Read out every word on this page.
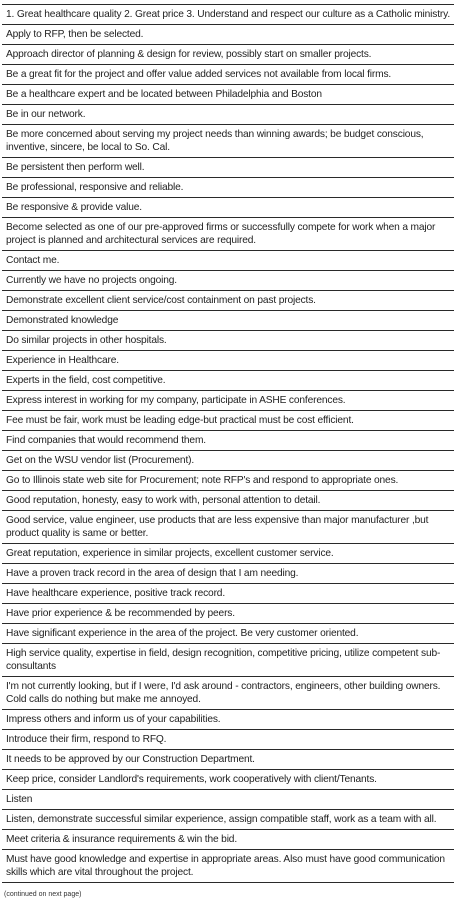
1. Great healthcare quality 2. Great price 3. Understand and respect our culture as a Catholic ministry.
Apply to RFP, then be selected.
Approach director of planning & design for review, possibly start on smaller projects.
Be a great fit for the project and offer value added services not available from local firms.
Be a healthcare expert and be located between Philadelphia and Boston
Be in our network.
Be more concerned about serving my project needs than winning awards; be budget conscious, inventive, sincere, be local to So. Cal.
Be persistent then perform well.
Be professional, responsive and reliable.
Be responsive & provide value.
Become selected as one of our pre-approved firms or successfully compete for work when a major project is planned and architectural services are required.
Contact me.
Currently we have no projects ongoing.
Demonstrate excellent client service/cost containment on past projects.
Demonstrated knowledge
Do similar projects in other hospitals.
Experience in Healthcare.
Experts in the field, cost competitive.
Express interest in working for my company, participate in ASHE conferences.
Fee must be fair, work must be leading edge-but practical must be cost efficient.
Find companies that would recommend them.
Get on the WSU vendor list (Procurement).
Go to Illinois state web site for Procurement; note RFP's and respond to appropriate ones.
Good reputation, honesty, easy to work with, personal attention to detail.
Good service, value engineer, use products that are less expensive than major manufacturer ,but product quality is same or better.
Great reputation, experience in similar projects, excellent customer service.
Have a proven track record in the area of design that I am needing.
Have healthcare experience, positive track record.
Have prior experience & be recommended by peers.
Have significant experience in the area of the project. Be very customer oriented.
High service quality, expertise in field, design recognition, competitive pricing, utilize competent sub-consultants
I'm not currently looking, but if I were, I'd ask around - contractors, engineers, other building owners. Cold calls do nothing but make me annoyed.
Impress others and inform us of your capabilities.
Introduce their firm, respond to RFQ.
It needs to be approved by our Construction Department.
Keep price, consider Landlord's requirements, work cooperatively with client/Tenants.
Listen
Listen, demonstrate successful similar experience, assign compatible staff, work as a team with all.
Meet criteria & insurance requirements & win the bid.
Must have good knowledge and expertise in appropriate areas. Also must have good communication skills which are vital throughout the project.
(continued on next page)
